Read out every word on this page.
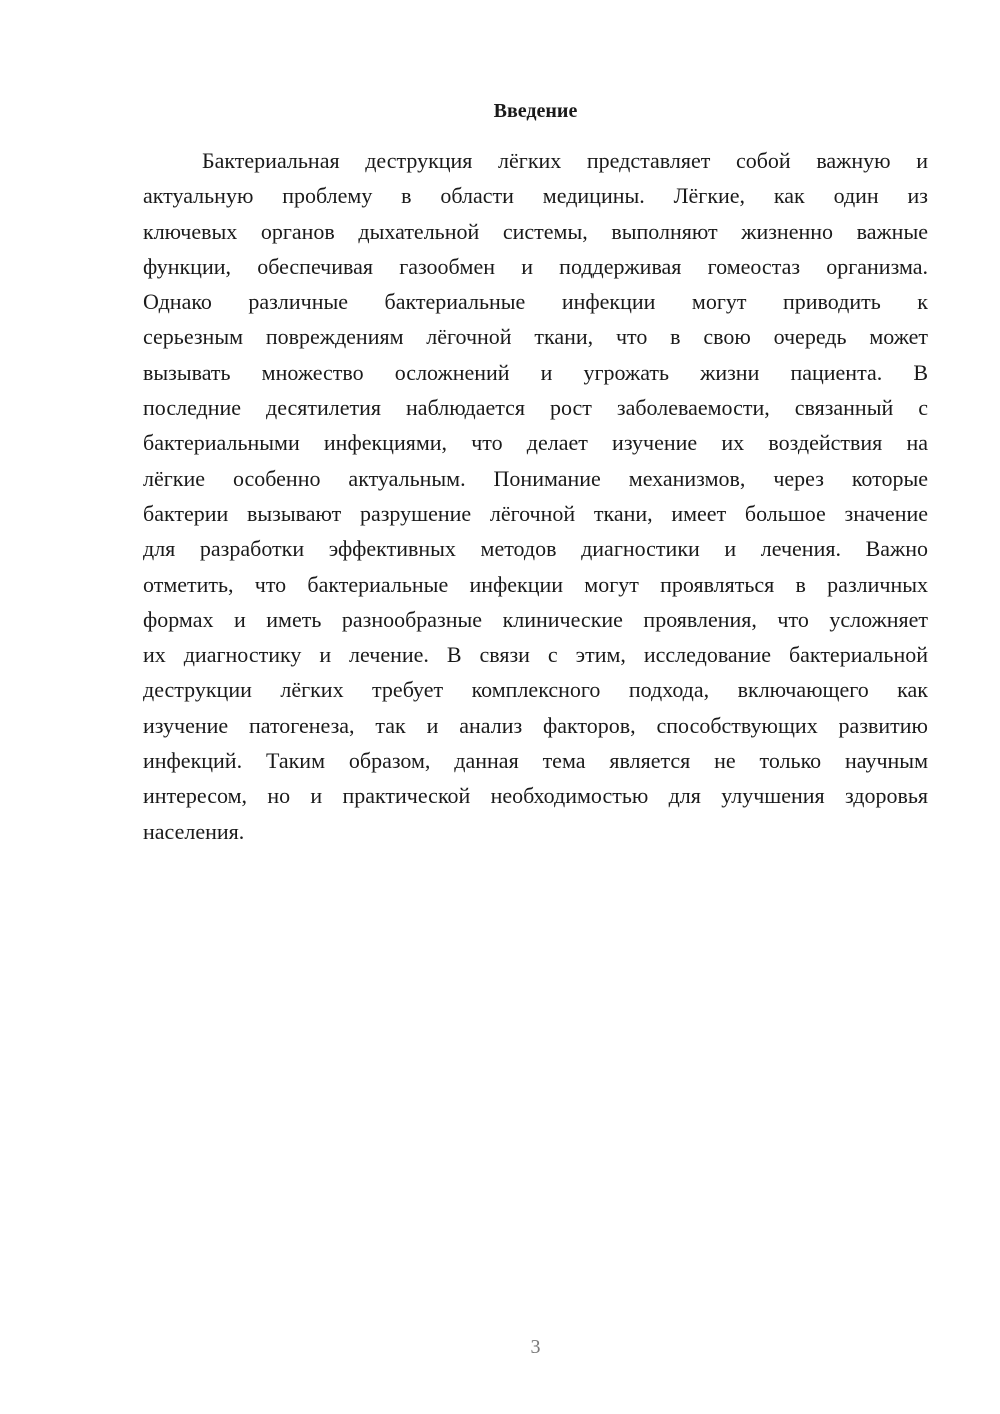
Введение
Бактериальная деструкция лёгких представляет собой важную и
актуальную проблему в области медицины. Лёгкие, как один из
ключевых органов дыхательной системы, выполняют жизненно важные
функции, обеспечивая газообмен и поддерживая гомеостаз организма.
Однако различные бактериальные инфекции могут приводить к
серьезным повреждениям лёгочной ткани, что в свою очередь может
вызывать множество осложнений и угрожать жизни пациента. В
последние десятилетия наблюдается рост заболеваемости, связанный с
бактериальными инфекциями, что делает изучение их воздействия на
лёгкие особенно актуальным. Понимание механизмов, через которые
бактерии вызывают разрушение лёгочной ткани, имеет большое значение
для разработки эффективных методов диагностики и лечения. Важно
отметить, что бактериальные инфекции могут проявляться в различных
формах и иметь разнообразные клинические проявления, что усложняет
их диагностику и лечение. В связи с этим, исследование бактериальной
деструкции лёгких требует комплексного подхода, включающего как
изучение патогенеза, так и анализ факторов, способствующих развитию
инфекций. Таким образом, данная тема является не только научным
интересом, но и практической необходимостью для улучшения здоровья
населения.
3
